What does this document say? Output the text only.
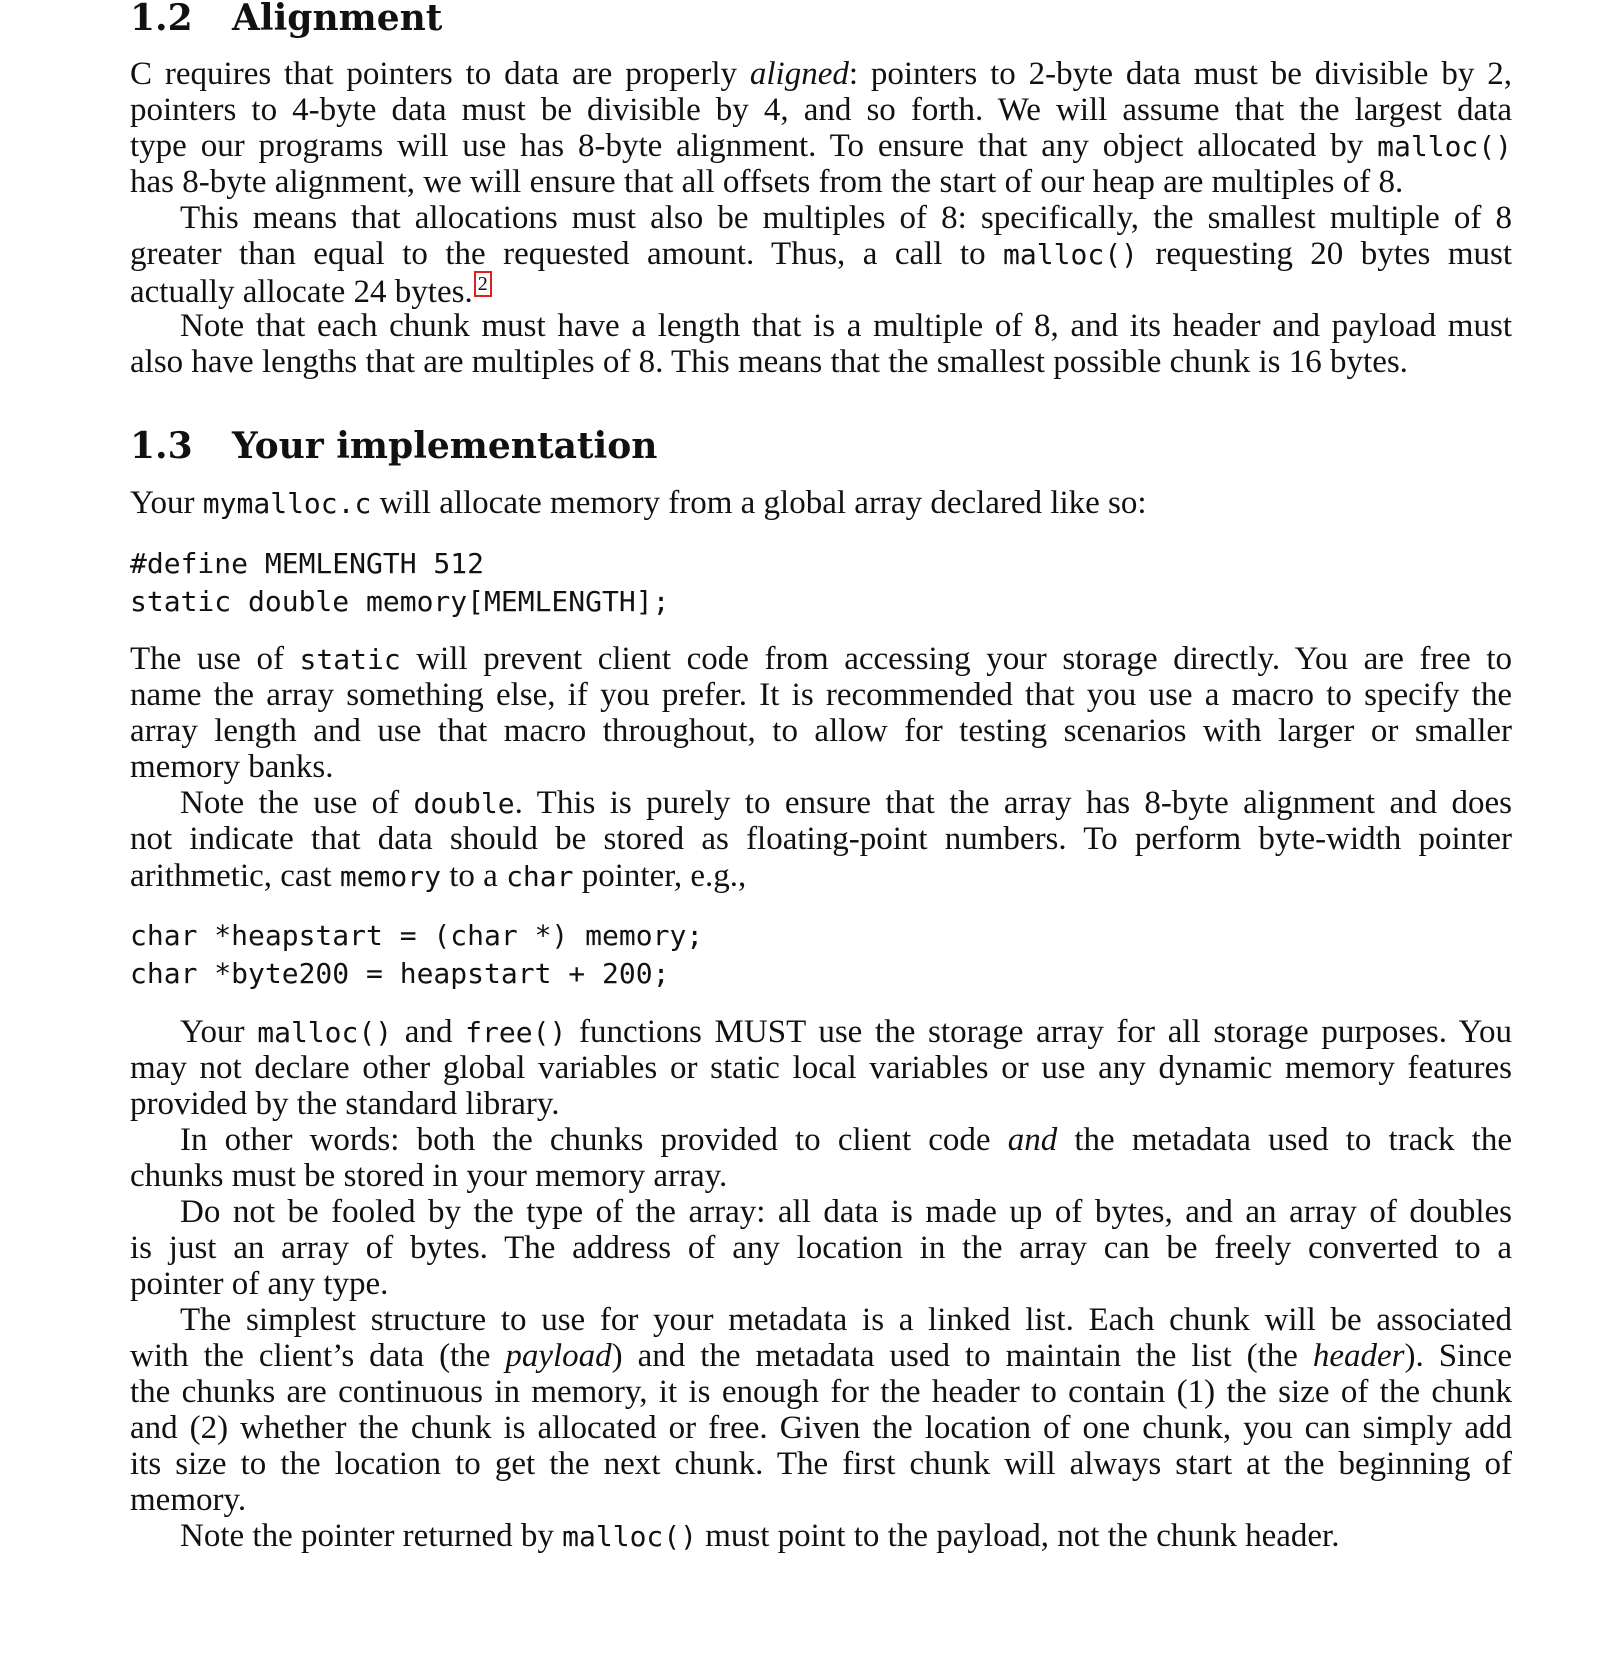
1.2 Alignment

C requires that pointers to data are properly aligned: pointers to 2-byte data must be divisible by 2,

pointers to 4-byte data must be divisible by 4, and so forth. We will assume that the largest data

type our programs will use has 8-byte alignment. To ensure that any object allocated by malloc()

has 8-byte alignment, we will ensure that all offsets from the start of our heap are multiples of 8.

This means that allocations must also be multiples of 8: specifically, the smallest multiple of 8

greater than equal to the requested amount. Thus, a call to malloc() requesting 20 bytes must

actually allocate 24 bytes. 2

Note that each chunk must have a length that is a multiple of 8, and its header and payload must

also have lengths that are multiples of 8. This means that the smallest possible chunk is 16 bytes.

1.3 Your implementation

Your mymalloc.c will allocate memory from a global array declared like so:

#define MEMLENGTH 512
static double memory[MEMLENGTH];

The use of static will prevent client code from accessing your storage directly. You are free to

name the array something else, if you prefer. It is recommended that you use a macro to specify the

array length and use that macro throughout, to allow for testing scenarios with larger or smaller

memory banks.

Note the use of double. This is purely to ensure that the array has 8-byte alignment and does

not indicate that data should be stored as floating-point numbers. To perform byte-width pointer

arithmetic, cast memory to a char pointer, e.g.,

char *heapstart = (char *) memory;
char *byte200 = heapstart + 200;

Your malloc() and free() functions MUST use the storage array for all storage purposes. You

may not declare other global variables or static local variables or use any dynamic memory features

provided by the standard library.

In other words: both the chunks provided to client code and the metadata used to track the

chunks must be stored in your memory array.

Do not be fooled by the type of the array: all data is made up of bytes, and an array of doubles

is just an array of bytes. The address of any location in the array can be freely converted to a

pointer of any type.

The simplest structure to use for your metadata is a linked list. Each chunk will be associated

with the client’s data (the payload) and the metadata used to maintain the list (the header). Since

the chunks are continuous in memory, it is enough for the header to contain (1) the size of the chunk

and (2) whether the chunk is allocated or free. Given the location of one chunk, you can simply add

its size to the location to get the next chunk. The first chunk will always start at the beginning of

memory.

Note the pointer returned by malloc() must point to the payload, not the chunk header.
